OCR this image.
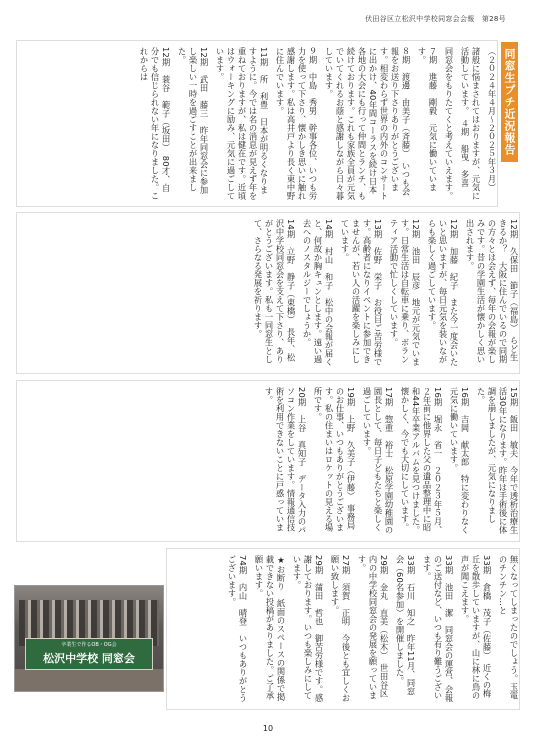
伏田谷区立松沢中学校同窓会会報　第28号
同窓生プチ近況報告

（２０２４年４月〜２０２５年３月）

諸般に悩まされてはおりますが、元気に活動しています。　４期　船曳　多喜

同窓会をもりたてくと考えていえます。

７期　進藤　剛毅　元気に働いています。

８期　渡邊　由美子（斉藤）　いつも会報をお送り下さりありがとうございます。相変わらず世界の内外のコンサートに出かけ、40年間コーラスを続け日本各地の大会にも行って仲間とランチ、も続けております。これも家族全員が元気でいてくれるお蔭と感謝しながら日々暮しています。

９期　中島　秀男　幹事各位、いつも労力を使って下さり、懐かしき思いに触れ感謝します。私は高井戸より長く東中野に住んでいます。

11期　所　利豊　日本が明るくなりますように。今では名の消息が見えず年を重ねておりますが、私は健在です。近頃はウォーキングに励み、元気に過ごしています。

12期　武田　藤三　昨年同窓会に参加し楽しい一時を過ごすことが出来ました。

12期　蓑谷　範子（坂田）　80才、自分でも信じられない年になりました。これからは

12期　久保田　節子（福島）　らど生きるか？　大阪に住んでいるので同期の方々とは会えず、毎年の会報が楽しみです。昔の学園生活が懐かしく思い出されます。

12期　加藤　紀子　また今一度会いたいと思いますが、毎日元気を装いながらも楽しく過ごしています。

12期　池田　辰彦　地元が元気でいます。日常生活は自転車に乗り、ボランティア活動で忙しくしています。

13期　佐野　栄子　お役目ご苦労様です。高齢者になりイベントに参加できませんが、若い人の活躍を楽しみにしています。

14期　村山　和子　松中の会報が届くと、何故か胸キュンとします。遠い過去へのノスタルジーでしょうか。

14期　立野　静子（東橋）　長年、松沢中学校同窓会を支えて下さり、ありがとうございます。私も一同窓生として、さらなる発展を祈ります。

15期　飯田　敏夫　今年で透析治療生活30年になります。昨年は手術後に体調を崩しましたが、元気になりました。

16期　吉岡　献太郎　特に変わりなく元気に働いています。

16期　堀永　省一　２０２３年５月、２年前に他界した父の遺品整理中に昭和44年卒業アルバムを見つけました。懐かしく、今でも大切にしています。

17期　惣重　裕士　松原学園幼稚園の園長として、毎日子どもたちと楽しく過ごしています。

19期　上野　久美子（伊藤）　事務局のお仕事、いつもありがとうございます。私の住まいはロケットの見える場所です。

20期　上谷　真知子　データ入力のパソコン作業をしています。情報通信技術を利用できないことに戸惑っています。

無くなってしまったのでしょう。玉電のチンチン…と

33期　倉橋　茂子（佐藤）　近くの梅丘を散歩していますが、山に林に鳥の声が聞こえます。

33期　池田　潔　同窓会の運営、会報のご送付など、いつも有り難うございます。

33期　石川　知之　昨年11月、同窓会（60名参加）を開催しました。

29期　金丸　直美（松木）　世田谷区内の中学校同窓会の発展を願っています。

27期　須賀　正明　今後とも宜しくお願い致します。

29期　蒲田　哲也　御苦労様です。感謝しております。いつも楽しみにしています。

★お断り　紙面のスペースの関係で掲載できない投稿がありました。ご了承願います。

74期　内山　晴登　いつもありがとうございます。

卒業生で作るOB・OG会
松沢中学校 同窓会
10
